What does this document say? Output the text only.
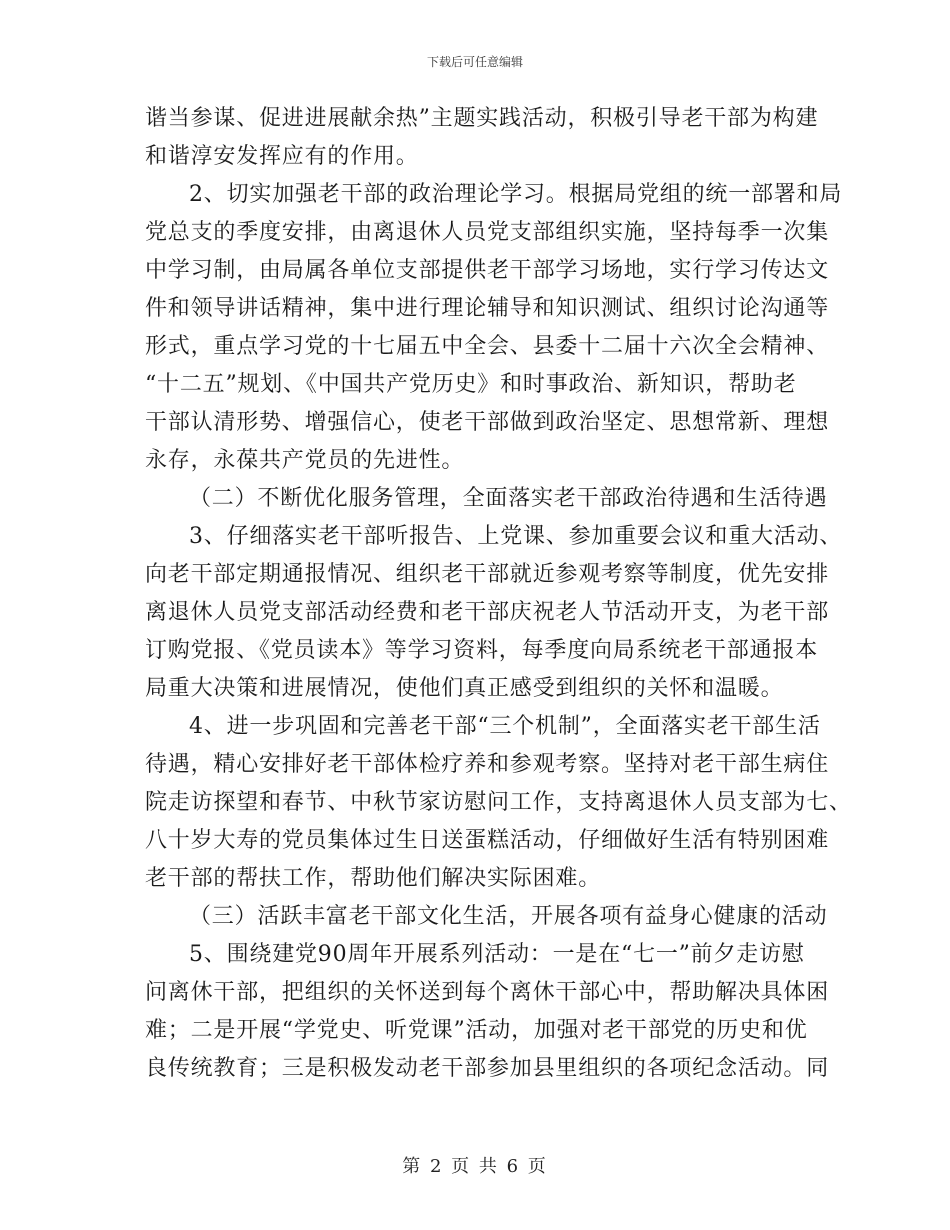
下载后可任意编辑
谐当参谋、促进进展献余热”主题实践活动，积极引导老干部为构建
和谐淳安发挥应有的作用。
2、切实加强老干部的政治理论学习。根据局党组的统一部署和局
党总支的季度安排，由离退休人员党支部组织实施，坚持每季一次集
中学习制，由局属各单位支部提供老干部学习场地，实行学习传达文
件和领导讲话精神，集中进行理论辅导和知识测试、组织讨论沟通等
形式，重点学习党的十七届五中全会、县委十二届十六次全会精神、
“十二五”规划、《中国共产党历史》和时事政治、新知识，帮助老
干部认清形势、增强信心，使老干部做到政治坚定、思想常新、理想
永存，永葆共产党员的先进性。
（二）不断优化服务管理，全面落实老干部政治待遇和生活待遇
3、仔细落实老干部听报告、上党课、参加重要会议和重大活动、
向老干部定期通报情况、组织老干部就近参观考察等制度，优先安排
离退休人员党支部活动经费和老干部庆祝老人节活动开支，为老干部
订购党报、《党员读本》等学习资料，每季度向局系统老干部通报本
局重大决策和进展情况，使他们真正感受到组织的关怀和温暖。
4、进一步巩固和完善老干部“三个机制”，全面落实老干部生活
待遇，精心安排好老干部体检疗养和参观考察。坚持对老干部生病住
院走访探望和春节、中秋节家访慰问工作，支持离退休人员支部为七、
八十岁大寿的党员集体过生日送蛋糕活动，仔细做好生活有特别困难
老干部的帮扶工作，帮助他们解决实际困难。
（三）活跃丰富老干部文化生活，开展各项有益身心健康的活动
5、围绕建党90周年开展系列活动：一是在“七一”前夕走访慰
问离休干部，把组织的关怀送到每个离休干部心中，帮助解决具体困
难；二是开展“学党史、听党课”活动，加强对老干部党的历史和优
良传统教育；三是积极发动老干部参加县里组织的各项纪念活动。同
第 2 页 共 6 页
